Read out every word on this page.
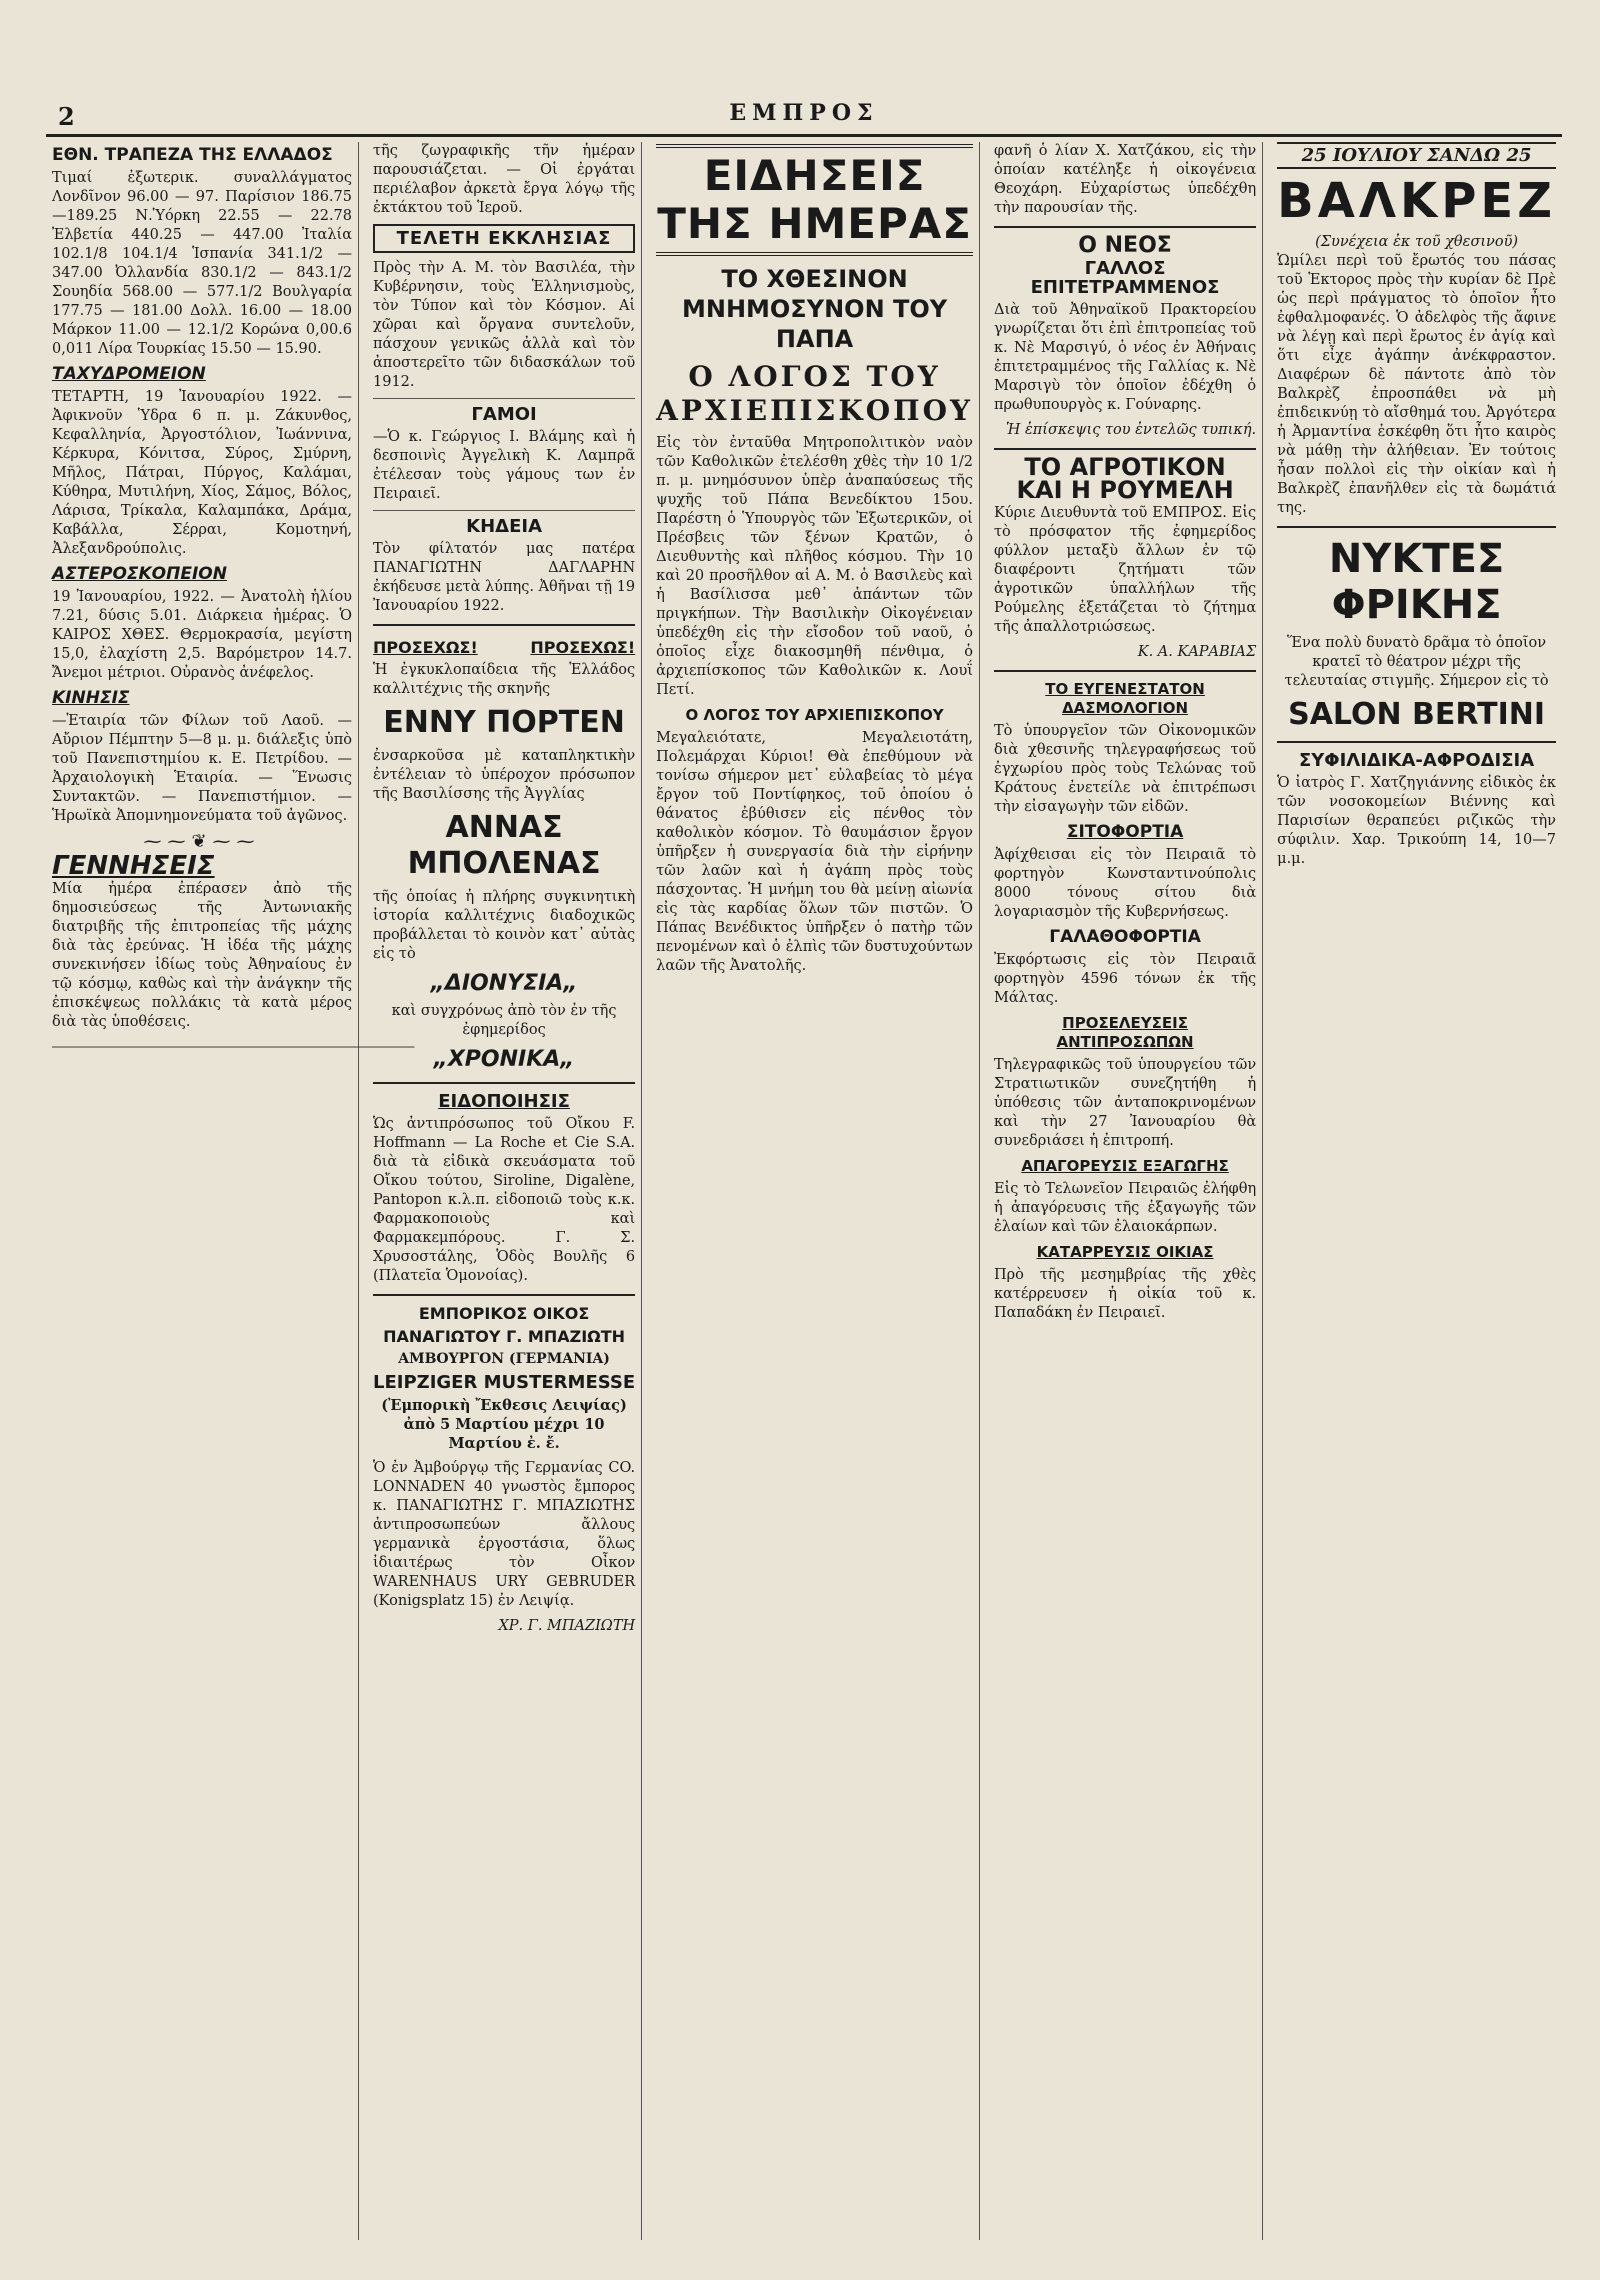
2	ΕΜΠΡΟΣ
ΕΘΝ. ΤΡΑΠΕΖΑ ΤΗΣ ΕΛΛΑΔΟΣ

Τιμαί ἐξωτερικ. συναλλάγματος Λονδῖνον 96.00 — 97. Παρίσιον 186.75 —189.25 Ν.Ὑόρκη 22.55 — 22.78 Ἐλβετία 440.25 — 447.00 Ἰταλία 102.1/8 104.1/4 Ἱσπανία 341.1/2 — 347.00 Ὀλλανδία 830.1/2 — 843.1/2 Σουηδία 568.00 — 577.1/2 Βουλγαρία 177.75 — 181.00 Δολλ. 16.00 — 18.00 Μάρκον 11.00 — 12.1/2 Κορώνα 0,00.6 0,011 Λίρα Τουρκίας 15.50 — 15.90.

ΤΑΧΥΔΡΟΜΕΙΟΝ

ΤΕΤΑΡΤΗ, 19 Ἰανουαρίου 1922. — Ἀφικνοῦν Ὑδρα 6 π. μ. Ζάκυνθος, Κεφαλληνία, Ἀργοστόλιον, Ἰωάννινα, Κέρκυρα, Κόνιτσα, Σύρος, Σμύρνη, Μῆλος, Πάτραι, Πύργος, Καλάμαι, Κύθηρα, Μυτιλήνη, Χίος, Σάμος, Βόλος, Λάρισα, Τρίκαλα, Καλαμπάκα, Δράμα, Καβάλλα, Σέρραι, Κομοτηνή, Ἀλεξανδρούπολις.

ΑΣΤΕΡΟΣΚΟΠΕΙΟΝ

19 Ἰανουαρίου, 1922. — Ἀνατολὴ ἡλίου 7.21, δύσις 5.01. Διάρκεια ἡμέρας. Ὁ ΚΑΙΡΟΣ ΧΘΕΣ. Θερμοκρασία, μεγίστη 15,0, ἐλαχίστη 2,5. Βαρόμετρον 14.7. Ἄνεμοι μέτριοι. Οὐρανὸς ἀνέφελος.

ΚΙΝΗΣΙΣ

—Ἑταιρία τῶν Φίλων τοῦ Λαοῦ. — Αὔριον Πέμπτην 5—8 μ. μ. διάλεξις ὑπὸ τοῦ Πανεπιστημίου κ. Ε. Πετρίδου. — Ἀρχαιολογικὴ Ἑταιρία. — Ἕνωσις Συντακτῶν. — Πανεπιστήμιον. — Ἡρωϊκὰ Ἀπομνημονεύματα τοῦ ἀγῶνος.

⁓⁓❦⁓⁓
ΓΕΝΝΗΣΕΙΣ

Μία ἡμέρα ἐπέρασεν ἀπὸ τῆς δημοσιεύσεως τῆς Ἀντωνιακῆς διατριβῆς τῆς ἐπιτροπείας τῆς μάχης διὰ τὰς ἐρεύνας. Ἡ ἰδέα τῆς μάχης συνεκινήσεν ἰδίως τοὺς Ἀθηναίους ἐν τῷ κόσμῳ, καθὼς καὶ τὴν ἀνάγκην τῆς ἐπισκέψεως πολλάκις τὰ κατὰ μέρος διὰ τὰς ὑποθέσεις.

―――――――――――――――――――――――――

τῆς ζωγραφικῆς τῆν ἡμέραν παρουσιάζεται. — Οἱ ἐργάται περιέλαβον ἀρκετὰ ἔργα λόγῳ τῆς ἐκτάκτου τοῦ Ἱεροῦ.

ΤΕΛΕΤΗ ΕΚΚΛΗΣΙΑΣ

Πρὸς τὴν Α. Μ. τὸν Βασιλέα, τὴν Κυβέρνησιν, τοὺς Ἑλληνισμοὺς, τὸν Τύπον καὶ τὸν Κόσμον. Αἱ χῶραι καὶ ὄργανα συντελοῦν, πάσχουν γενικῶς ἀλλὰ καὶ τὸν ἀποστερεῖτο τῶν διδασκάλων τοῦ 1912.

ΓΑΜΟΙ

—Ὁ κ. Γεώργιος Ι. Βλάμης καὶ ἡ δεσποινὶς Ἀγγελικὴ Κ. Λαμπρᾶ ἐτέλεσαν τοὺς γάμους των ἐν Πειραιεῖ.

ΚΗΔΕΙΑ

Τὸν φίλτατόν μας πατέρα ΠΑΝΑΓΙΩΤΗΝ ΔΑΓΛΑΡΗΝ ἐκήδευσε μετὰ λύπης. Ἀθῆναι τῇ 19 Ἰανουαρίου 1922.

ΠΡΟΣΕΧΩΣ!	ΠΡΟΣΕΧΩΣ!

Ἡ ἐγκυκλοπαίδεια τῆς Ἑλλάδος καλλιτέχνις τῆς σκηνῆς

ΕΝΝΥ ΠΟΡΤΕΝ

ἐνσαρκοῦσα μὲ καταπληκτικὴν ἐντέλειαν τὸ ὑπέροχον πρόσωπον τῆς Βασιλίσσης τῆς Ἀγγλίας

ΑΝΝΑΣ ΜΠΟΛΕΝΑΣ

τῆς ὁποίας ἡ πλήρης συγκινητικὴ ἱστορία καλλιτέχνις διαδοχικῶς προβάλλεται τὸ κοινὸν κατ᾽ αὐτὰς εἰς τὸ

„ΔΙΟΝΥΣΙΑ„

καὶ συγχρόνως ἀπὸ τὸν ἐν τῆς ἐφημερίδος

„ΧΡΟΝΙΚΑ„
ΕΙΔΟΠΟΙΗΣΙΣ

Ὡς ἀντιπρόσωπος τοῦ Οἴκου F. Hoffmann — La Roche et Cie S.A. διὰ τὰ εἰδικὰ σκευάσματα τοῦ Οἴκου τούτου, Siroline, Digalène, Pantopon κ.λ.π. εἰδοποιῶ τοὺς κ.κ. Φαρμακοποιοὺς καὶ Φαρμακεμπόρους. Γ. Σ. Χρυσοστάλης, Ὁδὸς Βουλῆς 6 (Πλατεῖα Ὁμονοίας).

ΕΜΠΟΡΙΚΟΣ ΟΙΚΟΣ
ΠΑΝΑΓΙΩΤΟΥ Γ. ΜΠΑΖΙΩΤΗ
ΑΜΒΟΥΡΓΟΝ (ΓΕΡΜΑΝΙΑ)
LEIPZIGER MUSTERMESSE

(Ἐμπορικὴ Ἔκθεσις Λειψίας) ἀπὸ 5 Μαρτίου μέχρι 10 Μαρτίου ἐ. ἔ.

Ὁ ἐν Ἀμβούργῳ τῆς Γερμανίας CO. LONNADEN 40 γνωστὸς ἔμπορος κ. ΠΑΝΑΓΙΩΤΗΣ Γ. ΜΠΑΖΙΩΤΗΣ ἀντιπροσωπεύων ἄλλους γερμανικὰ ἐργοστάσια, ὅλως ἰδιαιτέρως τὸν Οἶκον WARENHAUS URY GEBRUDER (Konigsplatz 15) ἐν Λειψίᾳ.

ΧΡ. Γ. ΜΠΑΖΙΩΤΗ
ΕΙΔΗΣΕΙΣ ΤΗΣ ΗΜΕΡΑΣ
ΤΟ ΧΘΕΣΙΝΟΝ ΜΝΗΜΟΣΥΝΟΝ ΤΟΥ ΠΑΠΑ
Ο ΛΟΓΟΣ ΤΟΥ ΑΡΧΙΕΠΙΣΚΟΠΟΥ

Εἰς τὸν ἐνταῦθα Μητροπολιτικὸν ναὸν τῶν Καθολικῶν ἐτελέσθη χθὲς τὴν 10 1/2 π. μ. μνημόσυνον ὑπὲρ ἀναπαύσεως τῆς ψυχῆς τοῦ Πάπα Βενεδίκτου 15ου. Παρέστη ὁ Ὑπουργὸς τῶν Ἐξωτερικῶν, οἱ Πρέσβεις τῶν ξένων Κρατῶν, ὁ Διευθυντὴς καὶ πλῆθος κόσμου. Τὴν 10 καὶ 20 προσῆλθον αἱ Α. Μ. ὁ Βασιλεὺς καὶ ἡ Βασίλισσα μεθ᾽ ἁπάντων τῶν πριγκήπων. Τὴν Βασιλικὴν Οἰκογένειαν ὑπεδέχθη εἰς τὴν εἴσοδον τοῦ ναοῦ, ὁ ὁποῖος εἶχε διακοσμηθῆ πένθιμα, ὁ ἀρχιεπίσκοπος τῶν Καθολικῶν κ. Λουΐ Πετί.

Ο ΛΟΓΟΣ ΤΟΥ ΑΡΧΙΕΠΙΣΚΟΠΟΥ

Μεγαλειότατε, Μεγαλειοτάτη, Πολεμάρχαι Κύριοι! Θὰ ἐπεθύμουν νὰ τονίσω σήμερον μετ᾽ εὐλαβείας τὸ μέγα ἔργον τοῦ Ποντίφηκος, τοῦ ὁποίου ὁ θάνατος ἐβύθισεν εἰς πένθος τὸν καθολικὸν κόσμον. Τὸ θαυμάσιον ἔργον ὑπῆρξεν ἡ συνεργασία διὰ τὴν εἰρήνην τῶν λαῶν καὶ ἡ ἀγάπη πρὸς τοὺς πάσχοντας. Ἡ μνήμη του θὰ μείνῃ αἰωνία εἰς τὰς καρδίας ὅλων τῶν πιστῶν. Ὁ Πάπας Βενέδικτος ὑπῆρξεν ὁ πατὴρ τῶν πενομένων καὶ ὁ ἐλπὶς τῶν δυστυχούντων λαῶν τῆς Ἀνατολῆς.

φανῆ ὁ λίαν Χ. Χατζάκου, εἰς τὴν ὁποίαν κατέληξε ἡ οἰκογένεια Θεοχάρη. Εὐχαρίστως ὑπεδέχθη τὴν παρουσίαν τῆς.

Ο ΝΕΟΣ
ΓΑΛΛΟΣ ΕΠΙΤΕΤΡΑΜΜΕΝΟΣ

Διὰ τοῦ Ἀθηναϊκοῦ Πρακτορείου γνωρίζεται ὅτι ἐπὶ ἐπιτροπείας τοῦ κ. Νὲ Μαρσιγύ, ὁ νέος ἐν Ἀθήναις ἐπιτετραμμένος τῆς Γαλλίας κ. Νὲ Μαρσιγὺ τὸν ὁποῖον ἐδέχθη ὁ πρωθυπουργὸς κ. Γούναρης.

Ἡ ἐπίσκεψις του ἐντελῶς τυπική.
ΤΟ ΑΓΡΟΤΙΚΟΝ
ΚΑΙ Η ΡΟΥΜΕΛΗ

Κύριε Διευθυντὰ τοῦ ΕΜΠΡΟΣ. Εἰς τὸ πρόσφατον τῆς ἐφημερίδος φύλλον μεταξὺ ἄλλων ἐν τῷ διαφέροντι ζητήματι τῶν ἀγροτικῶν ὑπαλλήλων τῆς Ρούμελης ἐξετάζεται τὸ ζήτημα τῆς ἀπαλλοτριώσεως.

Κ. Α. ΚΑΡΑΒΙΑΣ
ΤΟ ΕΥΓΕΝΕΣΤΑΤΟΝ ΔΑΣΜΟΛΟΓΙΟΝ

Τὸ ὑπουργεῖον τῶν Οἰκονομικῶν διὰ χθεσινῆς τηλεγραφήσεως τοῦ ἐγχωρίου πρὸς τοὺς Τελώνας τοῦ Κράτους ἐνετείλε νὰ ἐπιτρέπωσι τὴν εἰσαγωγὴν τῶν εἰδῶν.

ΣΙΤΟΦΟΡΤΙΑ

Ἀφίχθεισαι εἰς τὸν Πειραιᾶ τὸ φορτηγὸν Κωνσταντινούπολις 8000 τόνους σίτου διὰ λογαριασμὸν τῆς Κυβερνήσεως.

ΓΑΛΑΘΟΦΟΡΤΙΑ

Ἐκφόρτωσις εἰς τὸν Πειραιᾶ φορτηγὸν 4596 τόνων ἐκ τῆς Μάλτας.

ΠΡΟΣΕΛΕΥΣΕΙΣ ΑΝΤΙΠΡΟΣΩΠΩΝ

Τηλεγραφικῶς τοῦ ὑπουργείου τῶν Στρατιωτικῶν συνεζητήθη ἡ ὑπόθεσις τῶν ἀνταποκρινομένων καὶ τὴν 27 Ἰανουαρίου θὰ συνεδριάσει ἡ ἐπιτροπή.

ΑΠΑΓΟΡΕΥΣΙΣ ΕΞΑΓΩΓΗΣ

Εἰς τὸ Τελωνεῖον Πειραιῶς ἐλήφθη ἡ ἀπαγόρευσις τῆς ἐξαγωγῆς τῶν ἐλαίων καὶ τῶν ἐλαιοκάρπων.

ΚΑΤΑΡΡΕΥΣΙΣ ΟΙΚΙΑΣ

Πρὸ τῆς μεσημβρίας τῆς χθὲς κατέρρευσεν ἡ οἰκία τοῦ κ. Παπαδάκη ἐν Πειραιεῖ.

25 ΙΟΥΛΙΟΥ ΣΑΝΔΩ 25
ΒΑΛΚΡΕΖ
(Συνέχεια ἐκ τοῦ χθεσινοῦ)

Ὡμίλει περὶ τοῦ ἔρωτός του πάσας τοῦ Ἑκτορος πρὸς τὴν κυρίαν δὲ Πρὲ ὡς περὶ πράγματος τὸ ὁποῖον ἦτο ἐφθαλμοφανές. Ὁ ἀδελφὸς τῆς ἄφινε νὰ λέγῃ καὶ περὶ ἔρωτος ἐν ἁγίᾳ καὶ ὅτι εἶχε ἀγάπην ἀνέκφραστον. Διαφέρων δὲ πάντοτε ἀπὸ τὸν Βαλκρὲζ ἐπροσπάθει νὰ μὴ ἐπιδεικνύῃ τὸ αἴσθημά του. Ἀργότερα ἡ Ἀρμαντίνα ἐσκέφθη ὅτι ἦτο καιρὸς νὰ μάθῃ τὴν ἀλήθειαν. Ἐν τούτοις ἦσαν πολλοὶ εἰς τὴν οἰκίαν καὶ ἡ Βαλκρὲζ ἐπανῆλθεν εἰς τὰ δωμάτιά της.

ΝΥΚΤΕΣ ΦΡΙΚΗΣ

Ἕνα πολὺ δυνατὸ δρᾶμα τὸ ὁποῖον κρατεῖ τὸ θέατρον μέχρι τῆς τελευταίας στιγμῆς. Σήμερον εἰς τὸ

SALON BERTINI
ΣΥΦΙΛΙΔΙΚΑ-ΑΦΡΟΔΙΣΙΑ

Ὁ ἰατρὸς Γ. Χατζηγιάννης εἰδικὸς ἐκ τῶν νοσοκομείων Βιέννης καὶ Παρισίων θεραπεύει ριζικῶς τὴν σύφιλιν. Χαρ. Τρικούπη 14, 10—7 μ.μ.
